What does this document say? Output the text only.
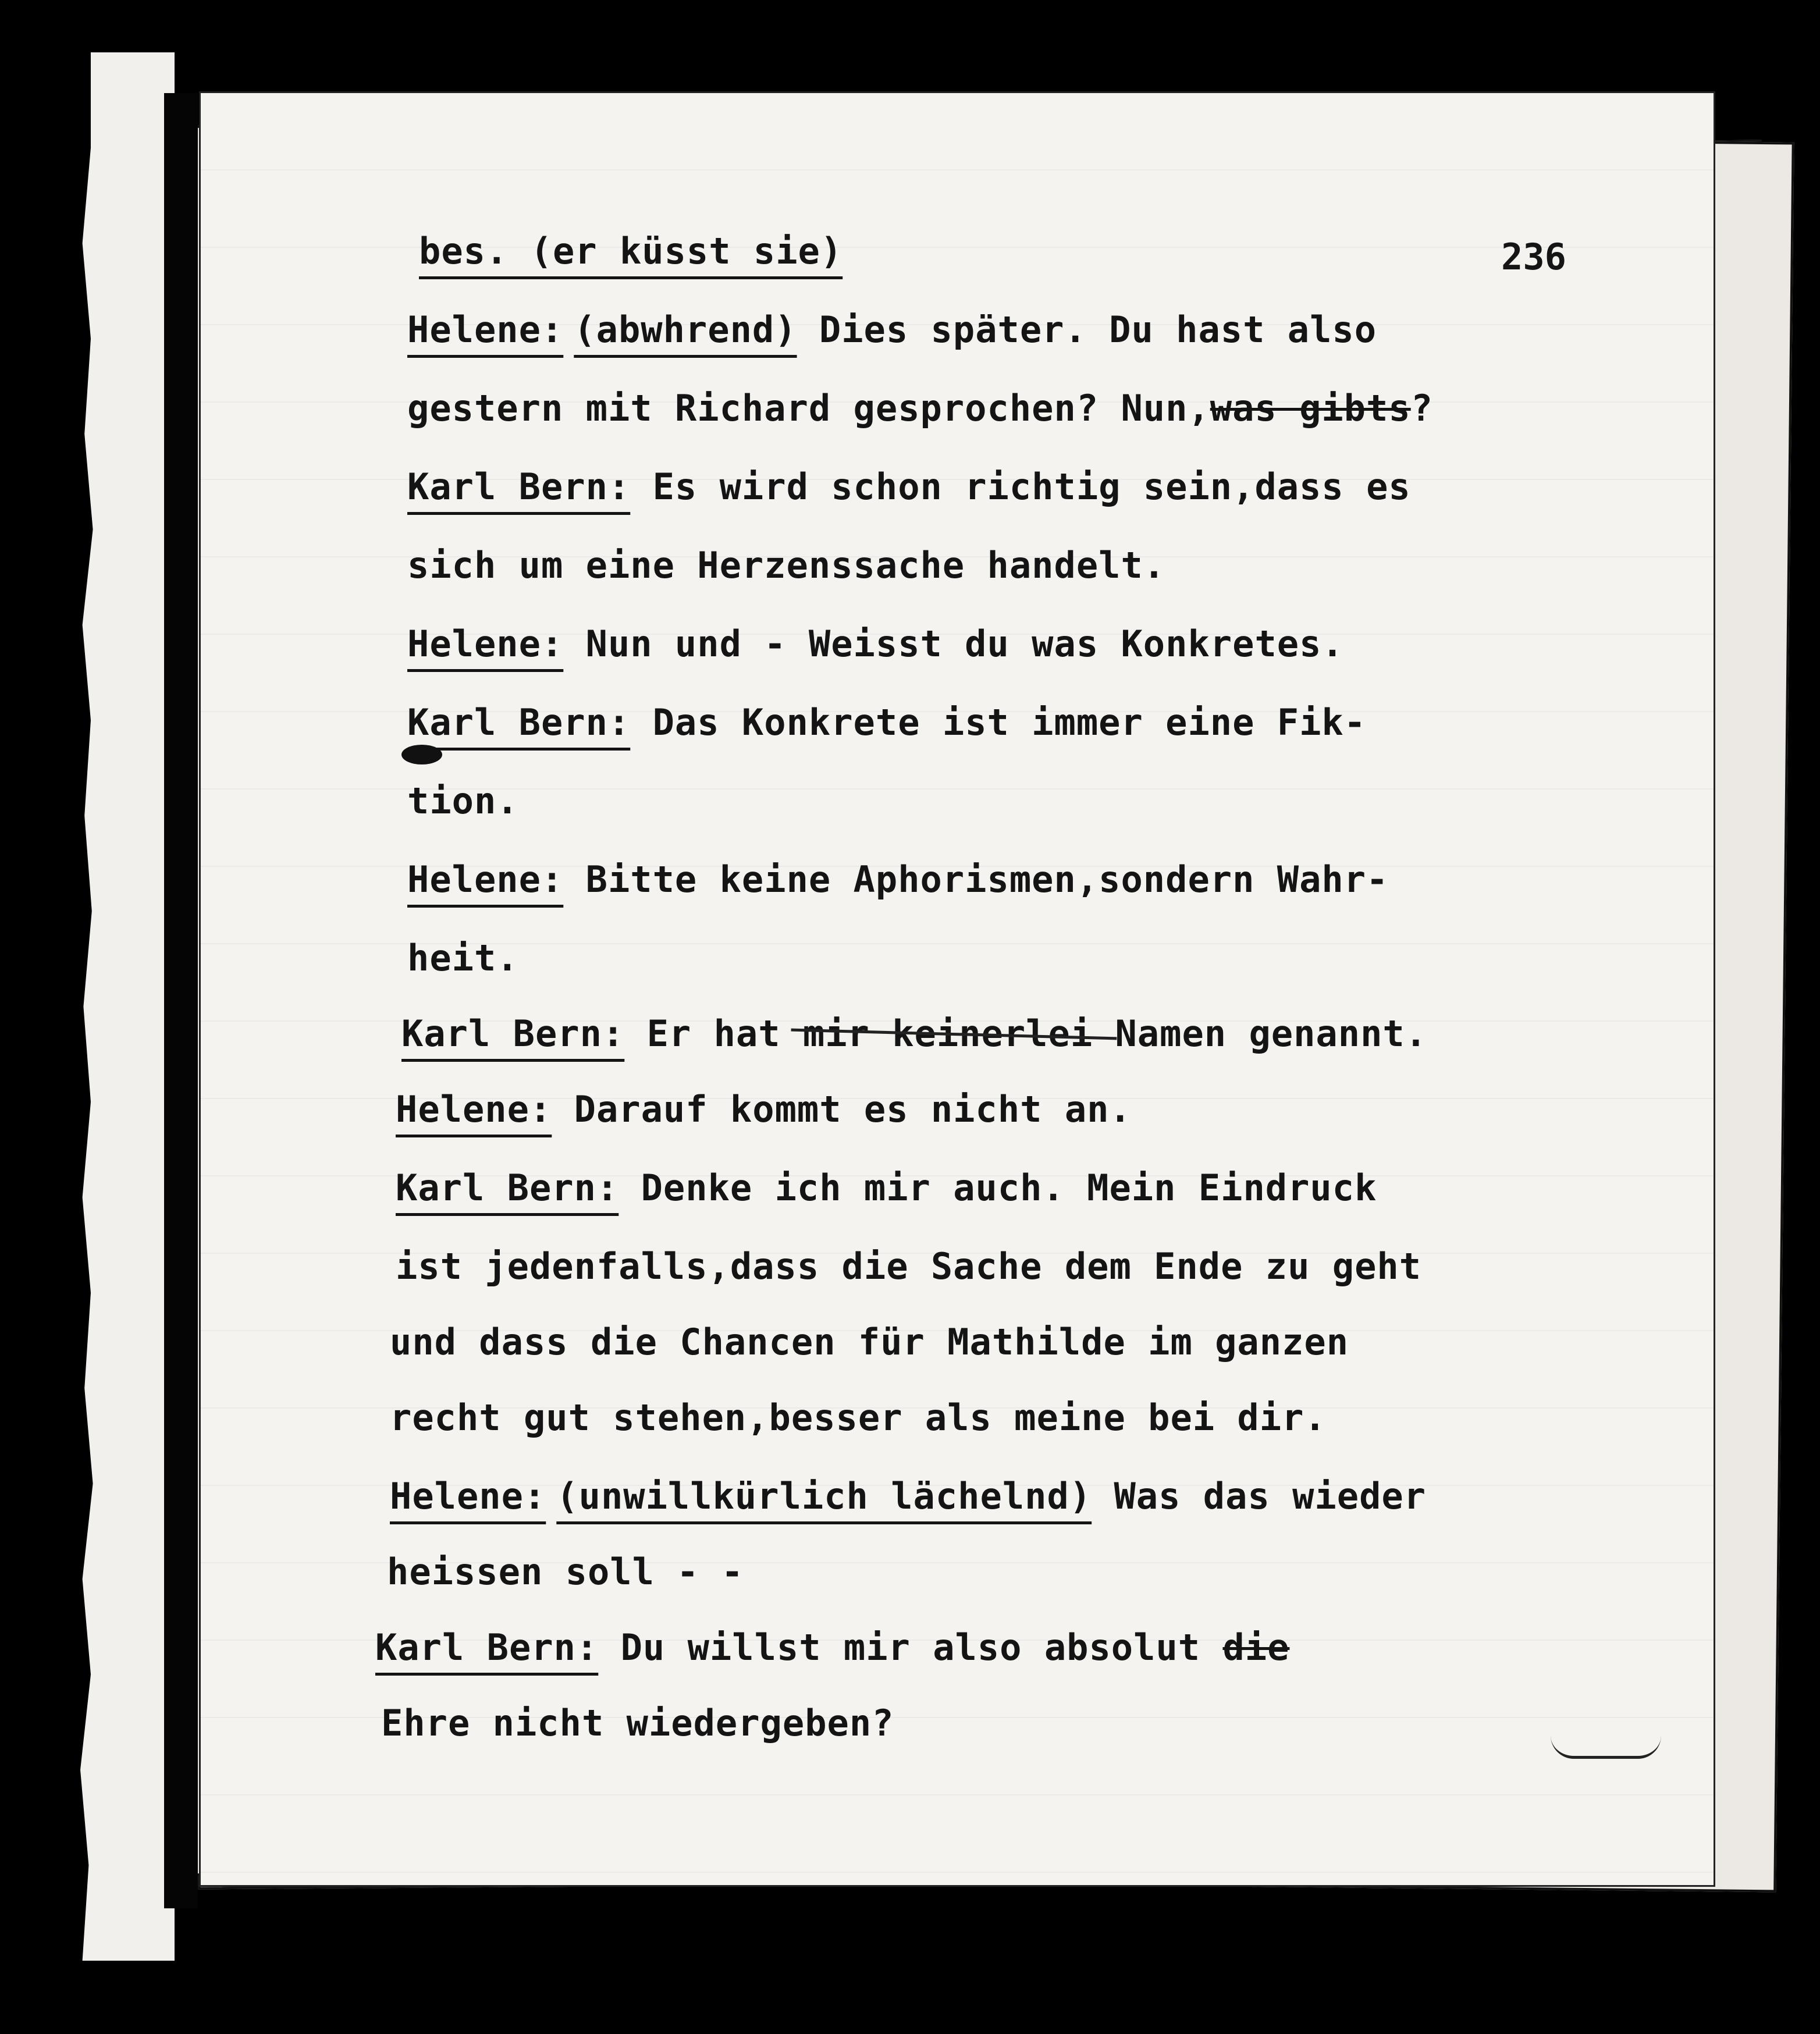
236
bes. (er küsst sie)
Helene: (abwhrend) Dies später. Du hast also
gestern mit Richard gesprochen? Nun,was gibts?
Karl Bern: Es wird schon richtig sein,dass es
sich um eine Herzenssache handelt.
Helene: Nun und - Weisst du was Konkretes.
Karl Bern: Das Konkrete ist immer eine Fik-
tion.
Helene: Bitte keine Aphorismen,sondern Wahr-
heit.
Karl Bern: Er hat mir keinerlei Namen genannt.
Helene: Darauf kommt es nicht an.
Karl Bern: Denke ich mir auch. Mein Eindruck
ist jedenfalls,dass die Sache dem Ende zu geht
und dass die Chancen für Mathilde im ganzen
recht gut stehen,besser als meine bei dir.
Helene: (unwillkürlich lächelnd) Was das wieder
heissen soll - -
Karl Bern: Du willst mir also absolut die
Ehre nicht wiedergeben?
